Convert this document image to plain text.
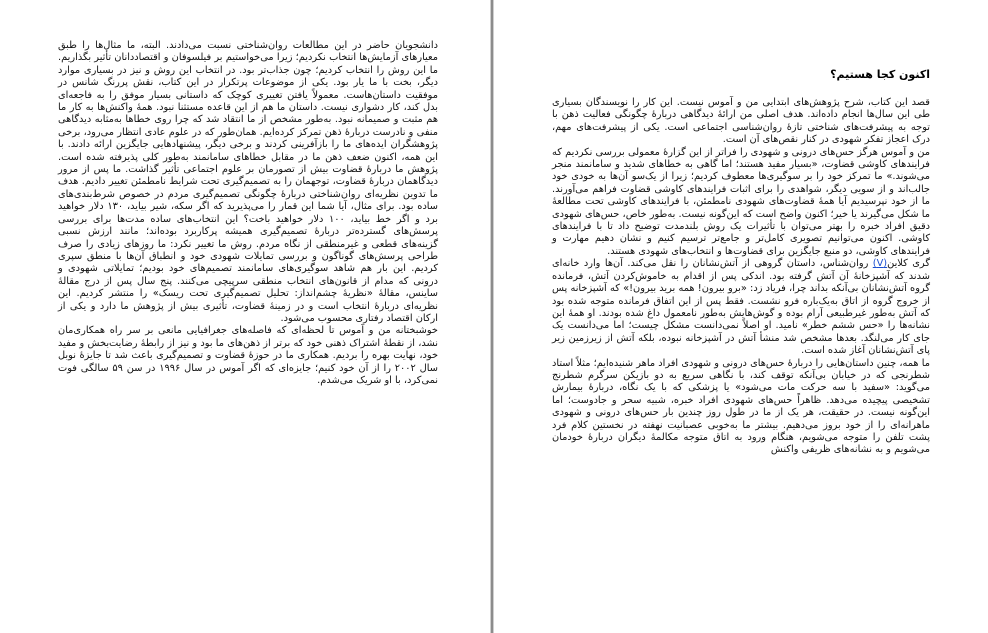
دانشجویان حاضر در این مطالعات روان‌شناختی نسبت می‌دادند. البته، ما مثال‌ها را طبق معیارهای آزمایش‌ها انتخاب نکردیم؛ زیرا می‌خواستیم بر فیلسوفان و اقتصاددانان تأثیر بگذاریم. ما این روش را انتخاب کردیم؛ چون جذاب‌تر بود. در انتخاب این روش و نیز در بسیاری موارد دیگر، بخت با ما یار بود. یکی از موضوعات پرتکرار در این کتاب، نقش پررنگ شانس در موفقیت داستان‌هاست. معمولاً یافتن تغییری کوچک که داستانی بسیار موفق را به فاجعه‌ای بدل کند، کار دشواری نیست. داستان ما هم از این قاعده مستثنا نبود. همهٔ واکنش‌ها به کار ما هم مثبت و صمیمانه نبود. به‌طور مشخص از ما انتقاد شد که چرا روی خطاها به‌مثابه دیدگاهی منفی و نادرست دربارهٔ ذهن تمرکز کرده‌ایم. همان‌طور که در علوم عادی انتظار می‌رود، برخی پژوهشگران ایده‌های ما را بازآفرینی کردند و برخی دیگر، پیشنهادهایی جایگزین ارائه دادند. با این همه، اکنون ضعف ذهن ما در مقابل خطاهای سامانمند به‌طور کلی پذیرفته شده است. پژوهش ما دربارهٔ قضاوت بیش از تصورمان بر علوم اجتماعی تأثیر گذاشت. ما پس از مرور دیدگاهمان دربارهٔ قضاوت، توجهمان را به تصمیم‌گیری تحت شرایط نامطمئن تغییر دادیم. هدف ما تدوین نظریه‌ای روان‌شناختی دربارهٔ چگونگی تصمیم‌گیری مردم در خصوص شرط‌بندی‌های ساده بود. برای مثال، آیا شما این قمار را می‌پذیرید که اگر سکه، شیر بیاید، ۱۳۰ دلار خواهید برد و اگر خط بیاید، ۱۰۰ دلار خواهید باخت؟ این انتخاب‌های ساده مدت‌ها برای بررسی پرسش‌های گسترده‌تر دربارهٔ تصمیم‌گیری همیشه پرکاربرد بوده‌اند؛ مانند ارزش نسبی گزینه‌های قطعی و غیرمنطقی از نگاه مردم. روش ما تغییر نکرد: ما روزهای زیادی را صرف طراحی پرسش‌های گوناگون و بررسی تمایلات شهودی خود و انطباق آن‌ها با منطق سپری کردیم. این بار هم شاهد سوگیری‌های سامانمند تصمیم‌های خود بودیم؛ تمایلاتی شهودی و درونی که مدام از قانون‌های انتخاب منطقی سرپیچی می‌کنند. پنج سال پس از درج مقالهٔ ساینس، مقالهٔ «نظریهٔ چشم‌انداز: تحلیل تصمیم‌گیری تحت ریسک» را منتشر کردیم. این نظریه‌ای دربارهٔ انتخاب است و در زمینهٔ قضاوت، تأثیری بیش از پژوهش ما دارد و یکی از ارکان اقتصاد رفتاری محسوب می‌شود.

خوشبختانه من و آموس تا لحظه‌ای که فاصله‌های جغرافیایی مانعی بر سر راه همکاری‌مان نشد، از نقطهٔ اشتراک ذهنی خود که برتر از ذهن‌های ما بود و نیز از رابطهٔ رضایت‌بخش و مفید خود، نهایت بهره را بردیم. همکاری ما در حوزهٔ قضاوت و تصمیم‌گیری باعث شد تا جایزهٔ نوبل سال ۲۰۰۲ را از آن خود کنیم؛ جایزه‌ای که اگر آموس در سال ۱۹۹۶ در سن ۵۹ سالگی فوت نمی‌کرد، با او شریک می‌شدم.

اکنون کجا هستیم؟

قصد این کتاب، شرح پژوهش‌های ابتدایی من و آموس نیست. این کار را نویسندگان بسیاری طی این سال‌ها انجام داده‌اند. هدف اصلی من ارائهٔ دیدگاهی دربارهٔ چگونگی فعالیت ذهن با توجه به پیشرفت‌های شناختی تازهٔ روان‌شناسی اجتماعی است. یکی از پیشرفت‌های مهم، درک اعجاز تفکر شهودی در کنار نقص‌های آن است.

من و آموس هرگز حس‌های درونی و شهودی را فراتر از این گزارهٔ معمولی بررسی نکردیم که فرایندهای کاوشی قضاوت، «بسیار مفید هستند؛ اما گاهی به خطاهای شدید و سامانمند منجر می‌شوند.» ما تمرکز خود را بر سوگیری‌ها معطوف کردیم؛ زیرا از یک‌سو آن‌ها به خودی خود جالب‌اند و از سویی دیگر، شواهدی را برای اثبات فرایندهای کاوشی قضاوت فراهم می‌آورند. ما از خود نپرسیدیم آیا همهٔ قضاوت‌های شهودی نامطمئن، با فرایندهای کاوشی تحت مطالعهٔ ما شکل می‌گیرند یا خیر؛ اکنون واضح است که این‌گونه نیست. به‌طور خاص، حس‌های شهودی دقیق افراد خبره را بهتر می‌توان با تأثیرات یک روش بلندمدت توضیح داد تا با فرایندهای کاوشی. اکنون می‌توانیم تصویری کامل‌تر و جامع‌تر ترسیم کنیم و نشان دهیم مهارت و فرایندهای کاوشی، دو منبع جایگزین برای قضاوت‌ها و انتخاب‌های شهودی هستند.

گری کلاین(V) روان‌شناس، داستان گروهی از آتش‌نشانان را نقل می‌کند. آن‌ها وارد خانه‌ای شدند که آشپزخانهٔ آن آتش گرفته بود. اندکی پس از اقدام به خاموش‌کردن آتش، فرمانده گروه آتش‌نشانان بی‌آنکه بداند چرا، فریاد زد: «برو بیرون! همه برید بیرون!» که آشپزخانه پس از خروج گروه از اتاق به‌یک‌باره فرو نشست. فقط پس از این اتفاق فرمانده متوجه شده بود که آتش به‌طور غیرطبیعی آرام بوده و گوش‌هایش به‌طور نامعمول داغ شده بودند. او همهٔ این نشانه‌ها را «حس ششم خطر» نامید. او اصلاً نمی‌دانست مشکل چیست؛ اما می‌دانست یک جای کار می‌لنگد. بعدها مشخص شد منشأ آتش در آشپزخانه نبوده، بلکه آتش از زیرزمین زیر پای آتش‌نشانان آغاز شده است.

ما همه، چنین داستان‌هایی را دربارهٔ حس‌های درونی و شهودی افراد ماهر شنیده‌ایم؛ مثلاً استاد شطرنجی که در خیابان بی‌آنکه توقف کند، با نگاهی سریع به دو بازیکن سرگرم شطرنج می‌گوید: «سفید با سه حرکت مات می‌شود» یا پزشکی که با یک نگاه، دربارهٔ بیمارش تشخیصی پیچیده می‌دهد. ظاهراً حس‌های شهودی افراد خبره، شبیه سحر و جادوست؛ اما این‌گونه نیست. در حقیقت، هر یک از ما در طول روز چندین بار حس‌های درونی و شهودی ماهرانه‌ای را از خود بروز می‌دهیم. بیشتر ما به‌خوبی عصبانیت نهفته در نخستین کلام فرد پشت تلفن را متوجه می‌شویم، هنگام ورود به اتاق متوجه مکالمهٔ دیگران دربارهٔ خودمان می‌شویم و به نشانه‌های ظریفی واکنش
